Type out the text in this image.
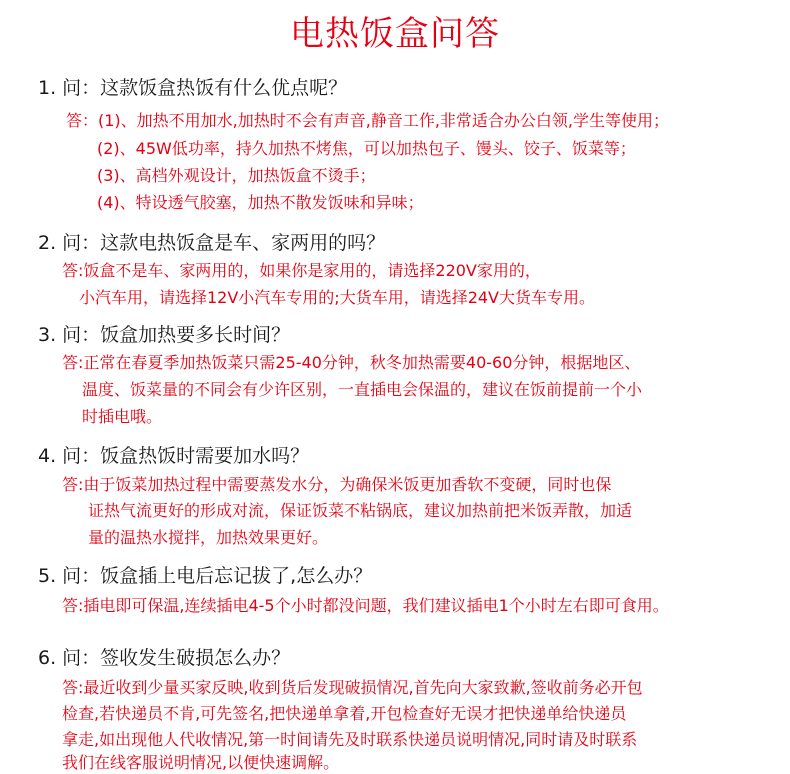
电热饭盒问答
1. 问：这款饭盒热饭有什么优点呢？
答：(1)、加热不用加水,加热时不会有声音,静音工作,非常适合办公白领,学生等使用；
(2)、45W低功率，持久加热不烤焦，可以加热包子、馒头、饺子、饭菜等；
(3)、高档外观设计，加热饭盒不烫手；
(4)、特设透气胶塞，加热不散发饭味和异味；
2. 问：这款电热饭盒是车、家两用的吗？
答:饭盒不是车、家两用的，如果你是家用的，请选择220V家用的，
小汽车用，请选择12V小汽车专用的;大货车用，请选择24V大货车专用。
3. 问：饭盒加热要多长时间？
答:正常在春夏季加热饭菜只需25-40分钟，秋冬加热需要40-60分钟，根据地区、
温度、饭菜量的不同会有少许区别，一直插电会保温的，建议在饭前提前一个小
时插电哦。
4. 问：饭盒热饭时需要加水吗？
答:由于饭菜加热过程中需要蒸发水分，为确保米饭更加香软不变硬，同时也保
证热气流更好的形成对流，保证饭菜不粘锅底，建议加热前把米饭弄散，加适
量的温热水搅拌，加热效果更好。
5. 问：饭盒插上电后忘记拔了,怎么办？
答:插电即可保温,连续插电4-5个小时都没问题，我们建议插电1个小时左右即可食用。
6. 问：签收发生破损怎么办？
答:最近收到少量买家反映,收到货后发现破损情况,首先向大家致歉,签收前务必开包
检查,若快递员不肯,可先签名,把快递单拿着,开包检查好无误才把快递单给快递员
拿走,如出现他人代收情况,第一时间请先及时联系快递员说明情况,同时请及时联系
我们在线客服说明情况,以便快速调解。
